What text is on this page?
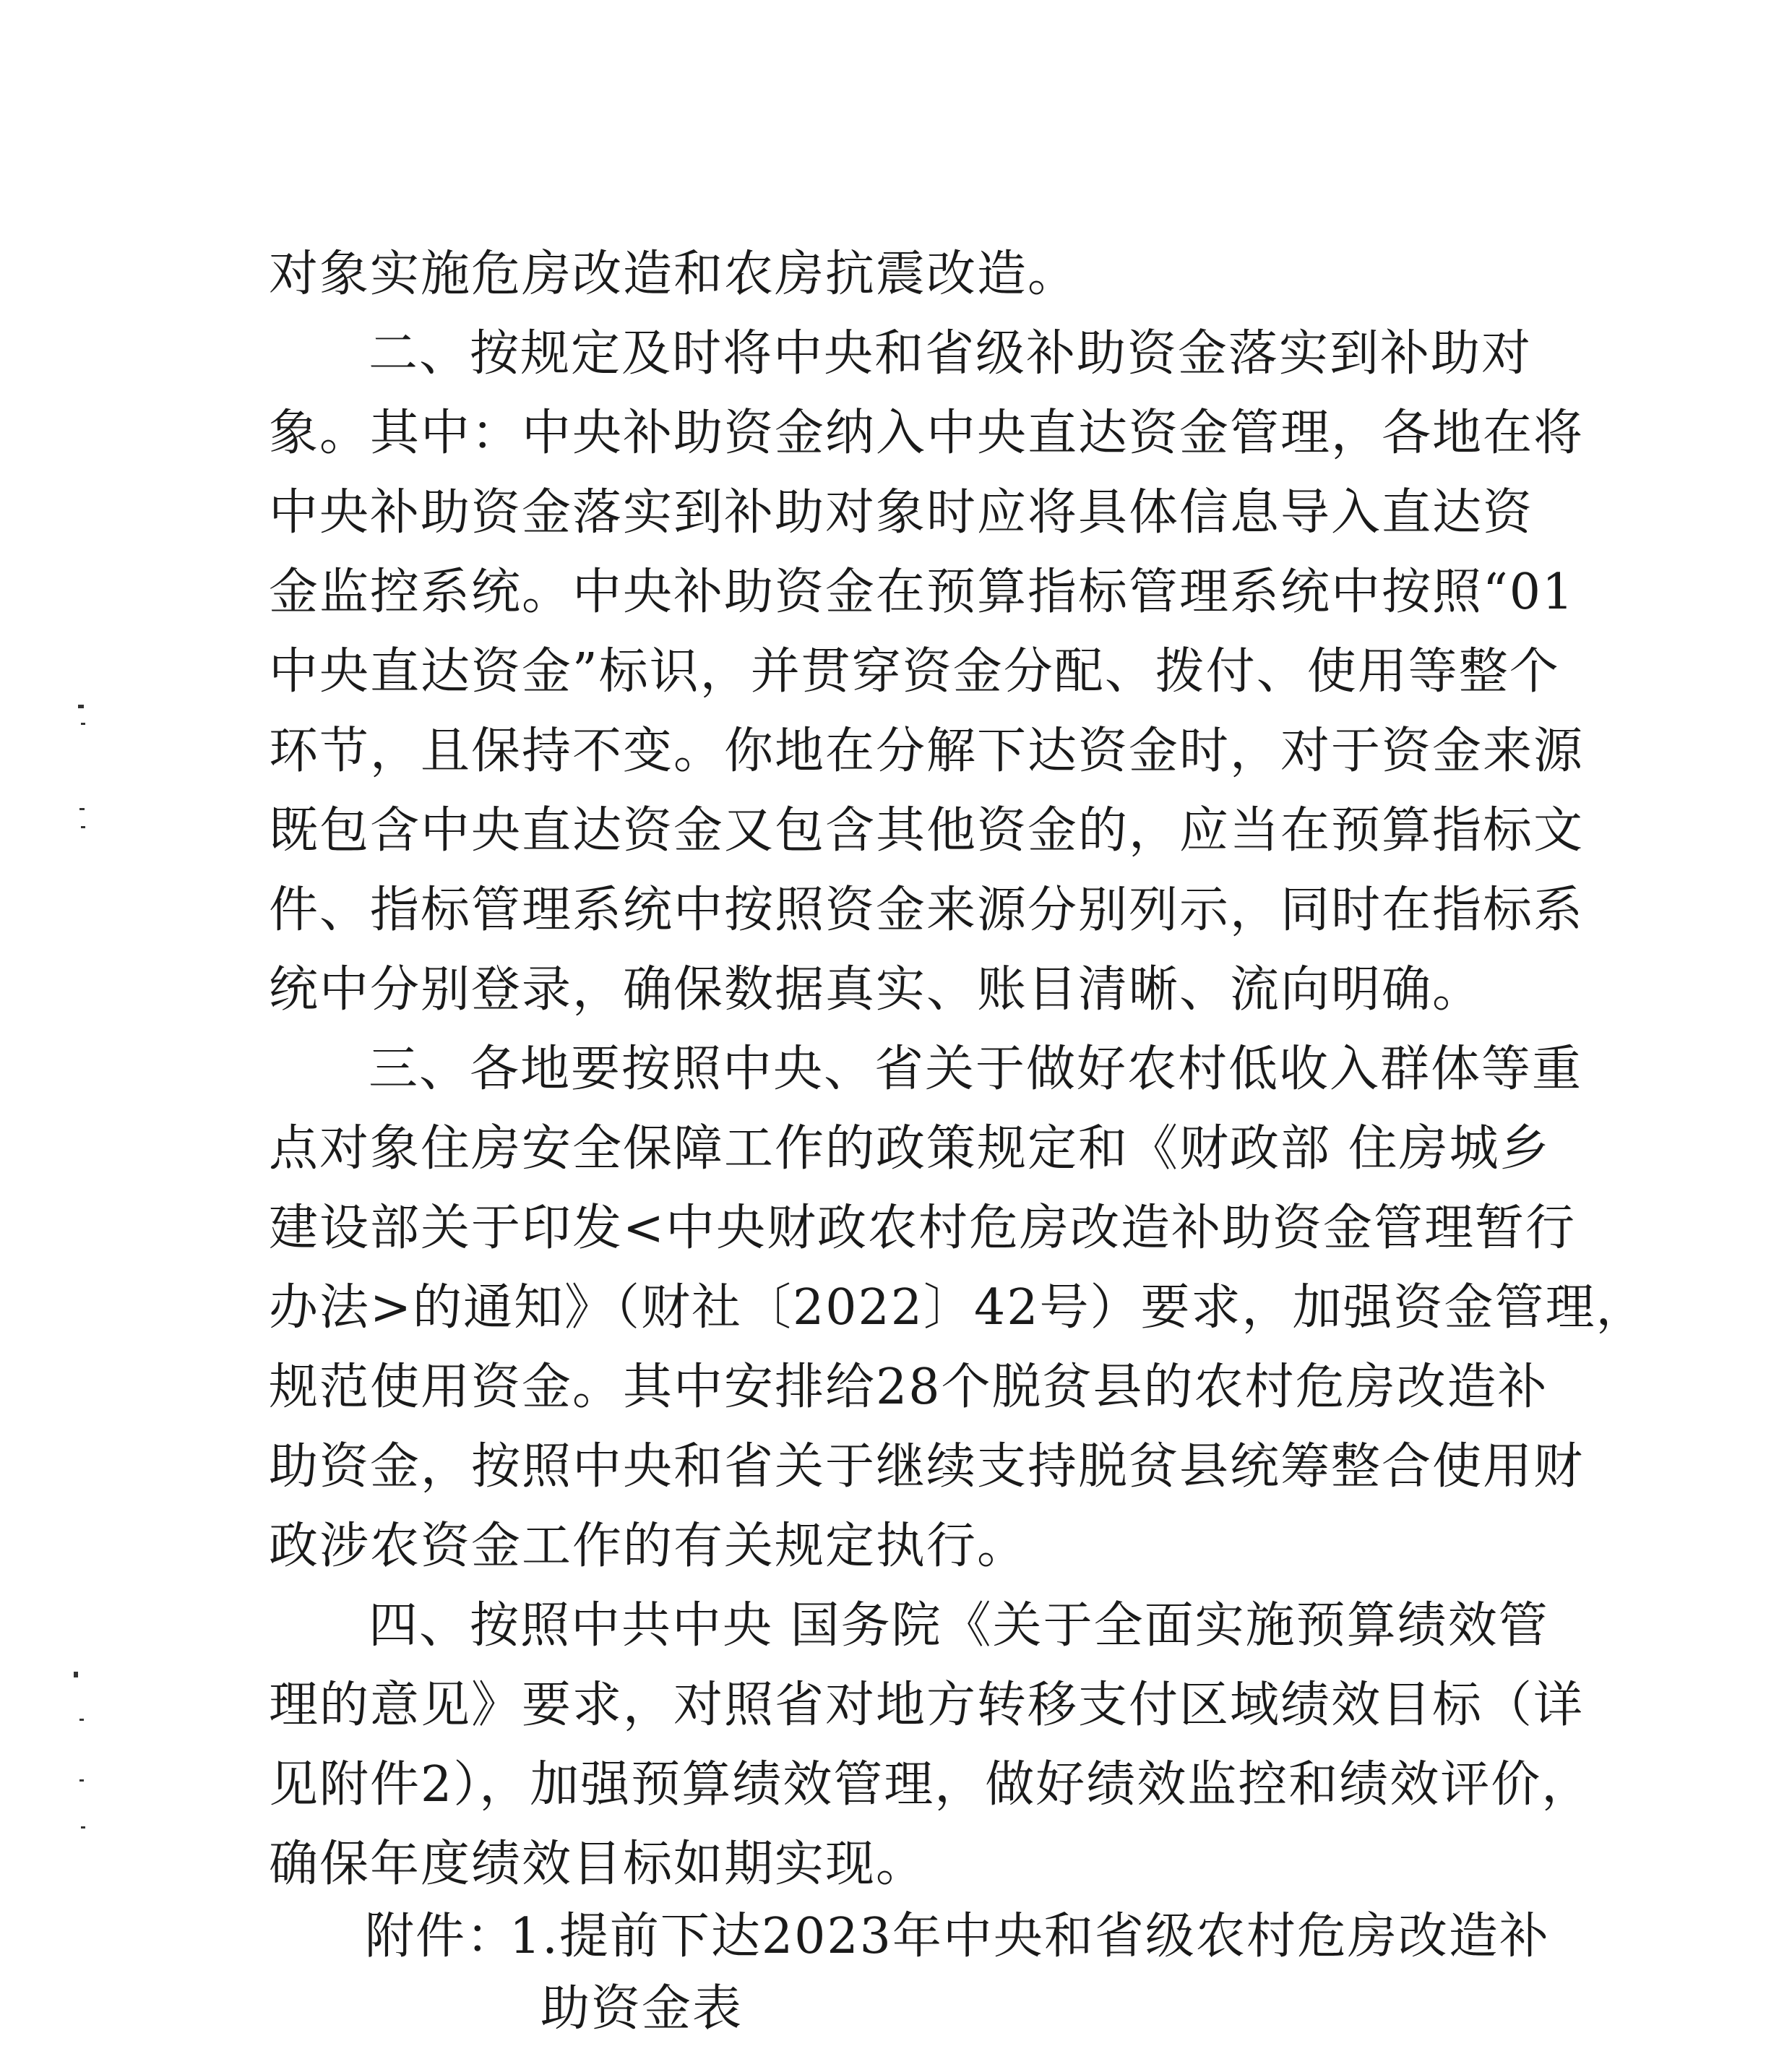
对象实施危房改造和农房抗震改造。
二、按规定及时将中央和省级补助资金落实到补助对
象。其中：中央补助资金纳入中央直达资金管理，各地在将
中央补助资金落实到补助对象时应将具体信息导入直达资
金监控系统。中央补助资金在预算指标管理系统中按照“01
中央直达资金”标识，并贯穿资金分配、拨付、使用等整个
环节，且保持不变。你地在分解下达资金时，对于资金来源
既包含中央直达资金又包含其他资金的，应当在预算指标文
件、指标管理系统中按照资金来源分别列示，同时在指标系
统中分别登录，确保数据真实、账目清晰、流向明确。
三、各地要按照中央、省关于做好农村低收入群体等重
点对象住房安全保障工作的政策规定和《财政部 住房城乡
建设部关于印发<中央财政农村危房改造补助资金管理暂行
办法>的通知》（财社〔2022〕42号）要求，加强资金管理，
规范使用资金。其中安排给28个脱贫县的农村危房改造补
助资金，按照中央和省关于继续支持脱贫县统筹整合使用财
政涉农资金工作的有关规定执行。
四、按照中共中央 国务院《关于全面实施预算绩效管
理的意见》要求，对照省对地方转移支付区域绩效目标（详
见附件2），加强预算绩效管理，做好绩效监控和绩效评价，
确保年度绩效目标如期实现。
附件：
1.提前下达2023年中央和省级农村危房改造补
助资金表
